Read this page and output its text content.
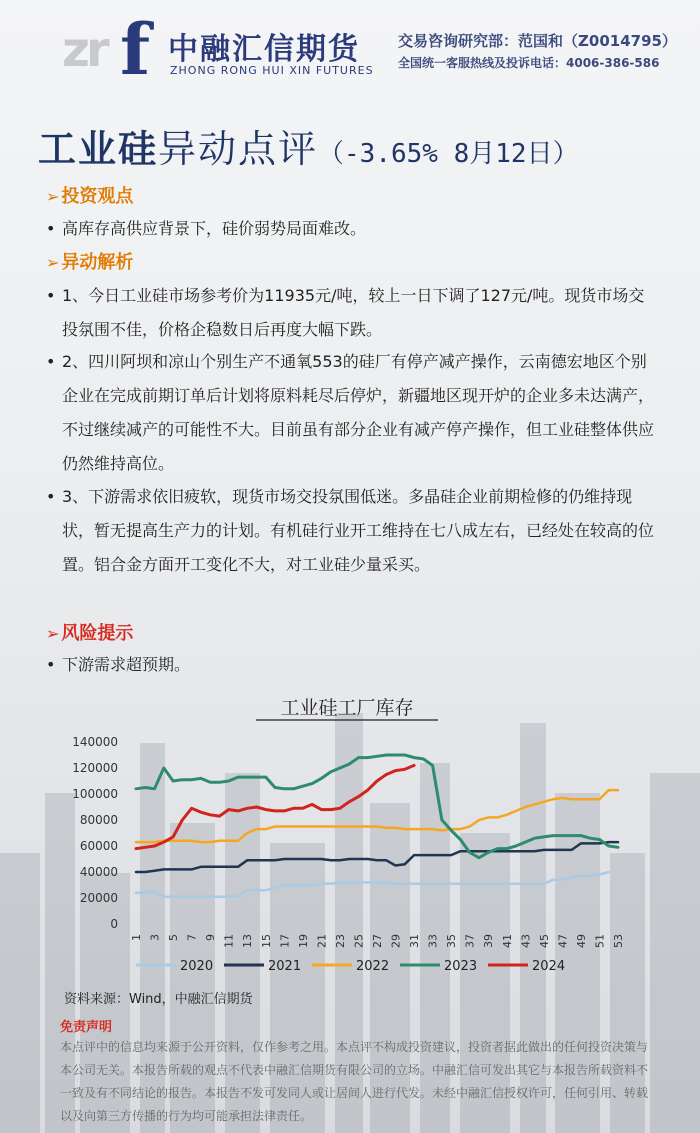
zr f 中融汇信期货
ZHONG RONG HUI XIN FUTURES
交易咨询研究部：范国和（Z0014795）
全国统一客服热线及投诉电话：4006-386-586
工业硅异动点评（-3.65% 8月12日）
➢ 投资观点
• 高库存高供应背景下，硅价弱势局面难改。
➢ 异动解析
• 1、今日工业硅市场参考价为11935元/吨，较上一日下调了127元/吨。现货市场交投氛围不佳，价格企稳数日后再度大幅下跌。
• 2、四川阿坝和凉山个别生产不通氧553的硅厂有停产减产操作，云南德宏地区个别企业在完成前期订单后计划将原料耗尽后停炉，新疆地区现开炉的企业多未达满产，不过继续减产的可能性不大。目前虽有部分企业有减产停产操作，但工业硅整体供应仍然维持高位。
• 3、下游需求依旧疲软，现货市场交投氛围低迷。多晶硅企业前期检修的仍维持现状，暂无提高生产力的计划。有机硅行业开工维持在七八成左右，已经处在较高的位置。铝合金方面开工变化不大，对工业硅少量采买。
➢ 风险提示
• 下游需求超预期。
工业硅工厂库存
0
20000
40000
60000
80000
100000
120000
140000
1 3 5 7 9 11 13 15 17 19 21 23 25 27 29 31 33 35 37 39 41 43 45 47 49 51 53
2020	2021	2022	2023	2024
资料来源：Wind，中融汇信期货
免责声明
本点评中的信息均来源于公开资料，仅作参考之用。本点评不构成投资建议，投资者据此做出的任何投资决策与本公司无关。本报告所载的观点不代表中融汇信期货有限公司的立场。中融汇信可发出其它与本报告所载资料不一致及有不同结论的报告。本报告不发可发同人或让居间人进行代发。未经中融汇信授权许可，任何引用、转载以及向第三方传播的行为均可能承担法律责任。
